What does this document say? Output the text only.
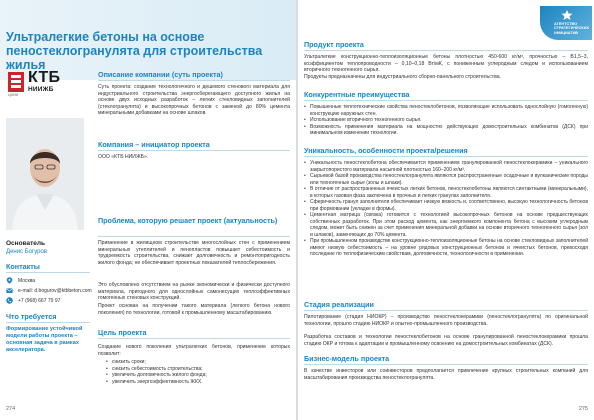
Ультралегкие бетоны на основе пеностеклогранулята для строительства жилья
КТБ
НИИЖБ
ЦНИИ
Описание компании (суть проекта)
Суть проекта: создание технологичного и дешевого стенового материала для индустриального строительства энергосберегающего доступного жилья на основе двух исходных разработок – легких стекловидных заполнителей (стеклогранулята) и высокопрочных бетонов с заменой до 80% цемента минеральными добавками на основе шлаков.
Компания – инициатор проекта
ООО «КТБ НИИЖБ».
Основатель
Денис Богуров
Контакты
Москва
e-mail: d.bogurov@ktbbeton.com
+7 (968) 667 79 97
Что требуется
Формирование устойчивой модели работы проекта – основная задача в рамках акселератора.
Проблема, которую решает проект (актуальность)
Применение в жилищном строительстве многослойных стен с применением минеральных утеплителей и пенопластов повышает себестоимость и трудоемкость строительства, снижает долговечность и ремонтопригодность жилого фонда; не обеспечивает проектных показателей теплосбережения.
Это обусловлено отсутствием на рынке экономически и физически доступного материала, пригодного для однослойных самонесущих теплоэффективных гомогенных стеновых конструкций.
Проект основан на получении такого материала (легкого бетона нового поколения) по технологии, готовой к промышленному масштабированию.
Цель проекта
Создание нового поколения ультралегких бетонов, применение которых позволит:
• снизить сроки;
• снизить себестоимость строительства;
• увеличить долговечность жилого фонда;
• увеличить энергоэффективность ЖКХ.
274
Продукт проекта
Ультралегкие конструкционно-теплоизоляционные бетоны плотностью 450-600 кг/м³, прочностью – В1,5–3, коэффициентом теплопроводности – 0,10–0,18 Вт/мК, с пониженным углеродным следом и использованием вторичного техногенного сырья.
Продукты предназначены для индустриального сборно-панельного строительства.
Конкурентные преимущества
• Повышенные теплотехнические свойства пеностеклобетонов, позволяющие использовать однослойную (гомогенную) конструкцию наружных стен.
• Использование вторичного техногенного сырья.
• Возможность применения материала на мощностях действующих домостроительных комбинатов (ДСК) при минимальном изменении технологии.
Уникальность, особенности проекта/решения
• Уникальность пеностеклобетона обеспечивается применением гранулированной пеностеклокерамики – уникального закрытопористого материала насыпной плотностью 160–200 кг/м³.
• Сырьевой базой производства пеностеклогранулята являются распространенные осадочные и вулканические породы или техногенные сырье (золы и шлаки).
• В отличие от распространенных ячеистых легких бетонов, пеностеклобетоны являются синтактными (минеральными), в которых газовая фаза заключена в прочных и легких гранулах заполнителя.
• Сферичность гранул заполнителя обеспечивает низкую вязкость и, соответственно, высокую технологичность бетонов при формовании (укладке в формы).
• Цементная матрица (связка) готовится с технологией высокопрочных бетонов на основе предшествующих собственных разработок. При этом расход цемента, как энергоемкого компонента бетона с высоким углеродным следом, может быть снижен за счет применения минеральной добавки на основе вторичного техногенного сырья (зол и шлаков), заменяющих до 70% цемента.
• При промышленном производстве конструкционно-теплоизоляционные бетоны на основе стекловидных заполнителей имеют низкую себестоимость – на уровне рядовых конструкционных бетонов и ячеистых бетонов, превосходя последние по теплофизическим свойствам, долговечности, технологичности в применении.
Стадия реализации
Пилотирование (стадия НИОКР) – производство пеностеклокерамики (пеностеклогранулята) по оригинальной технологии, прошло стадию НИОКР и опытно-промышленного производства.
Разработка составов и технологии пеностеклобетонов на основе гранулированной пеностеклокерамики прошла стадию ОКР и готова к адаптации и промышленному освоению на домостроительных комбинатах (ДСК).
Бизнес-модель проекта
В качестве инвесторов или соинвесторов предполагается привлечение крупных строительных компаний для масштабирования производства пеностеклогранулята.
275
АГЕНТСТВО СТРАТЕГИЧЕСКИХ ИНИЦИАТИВ
